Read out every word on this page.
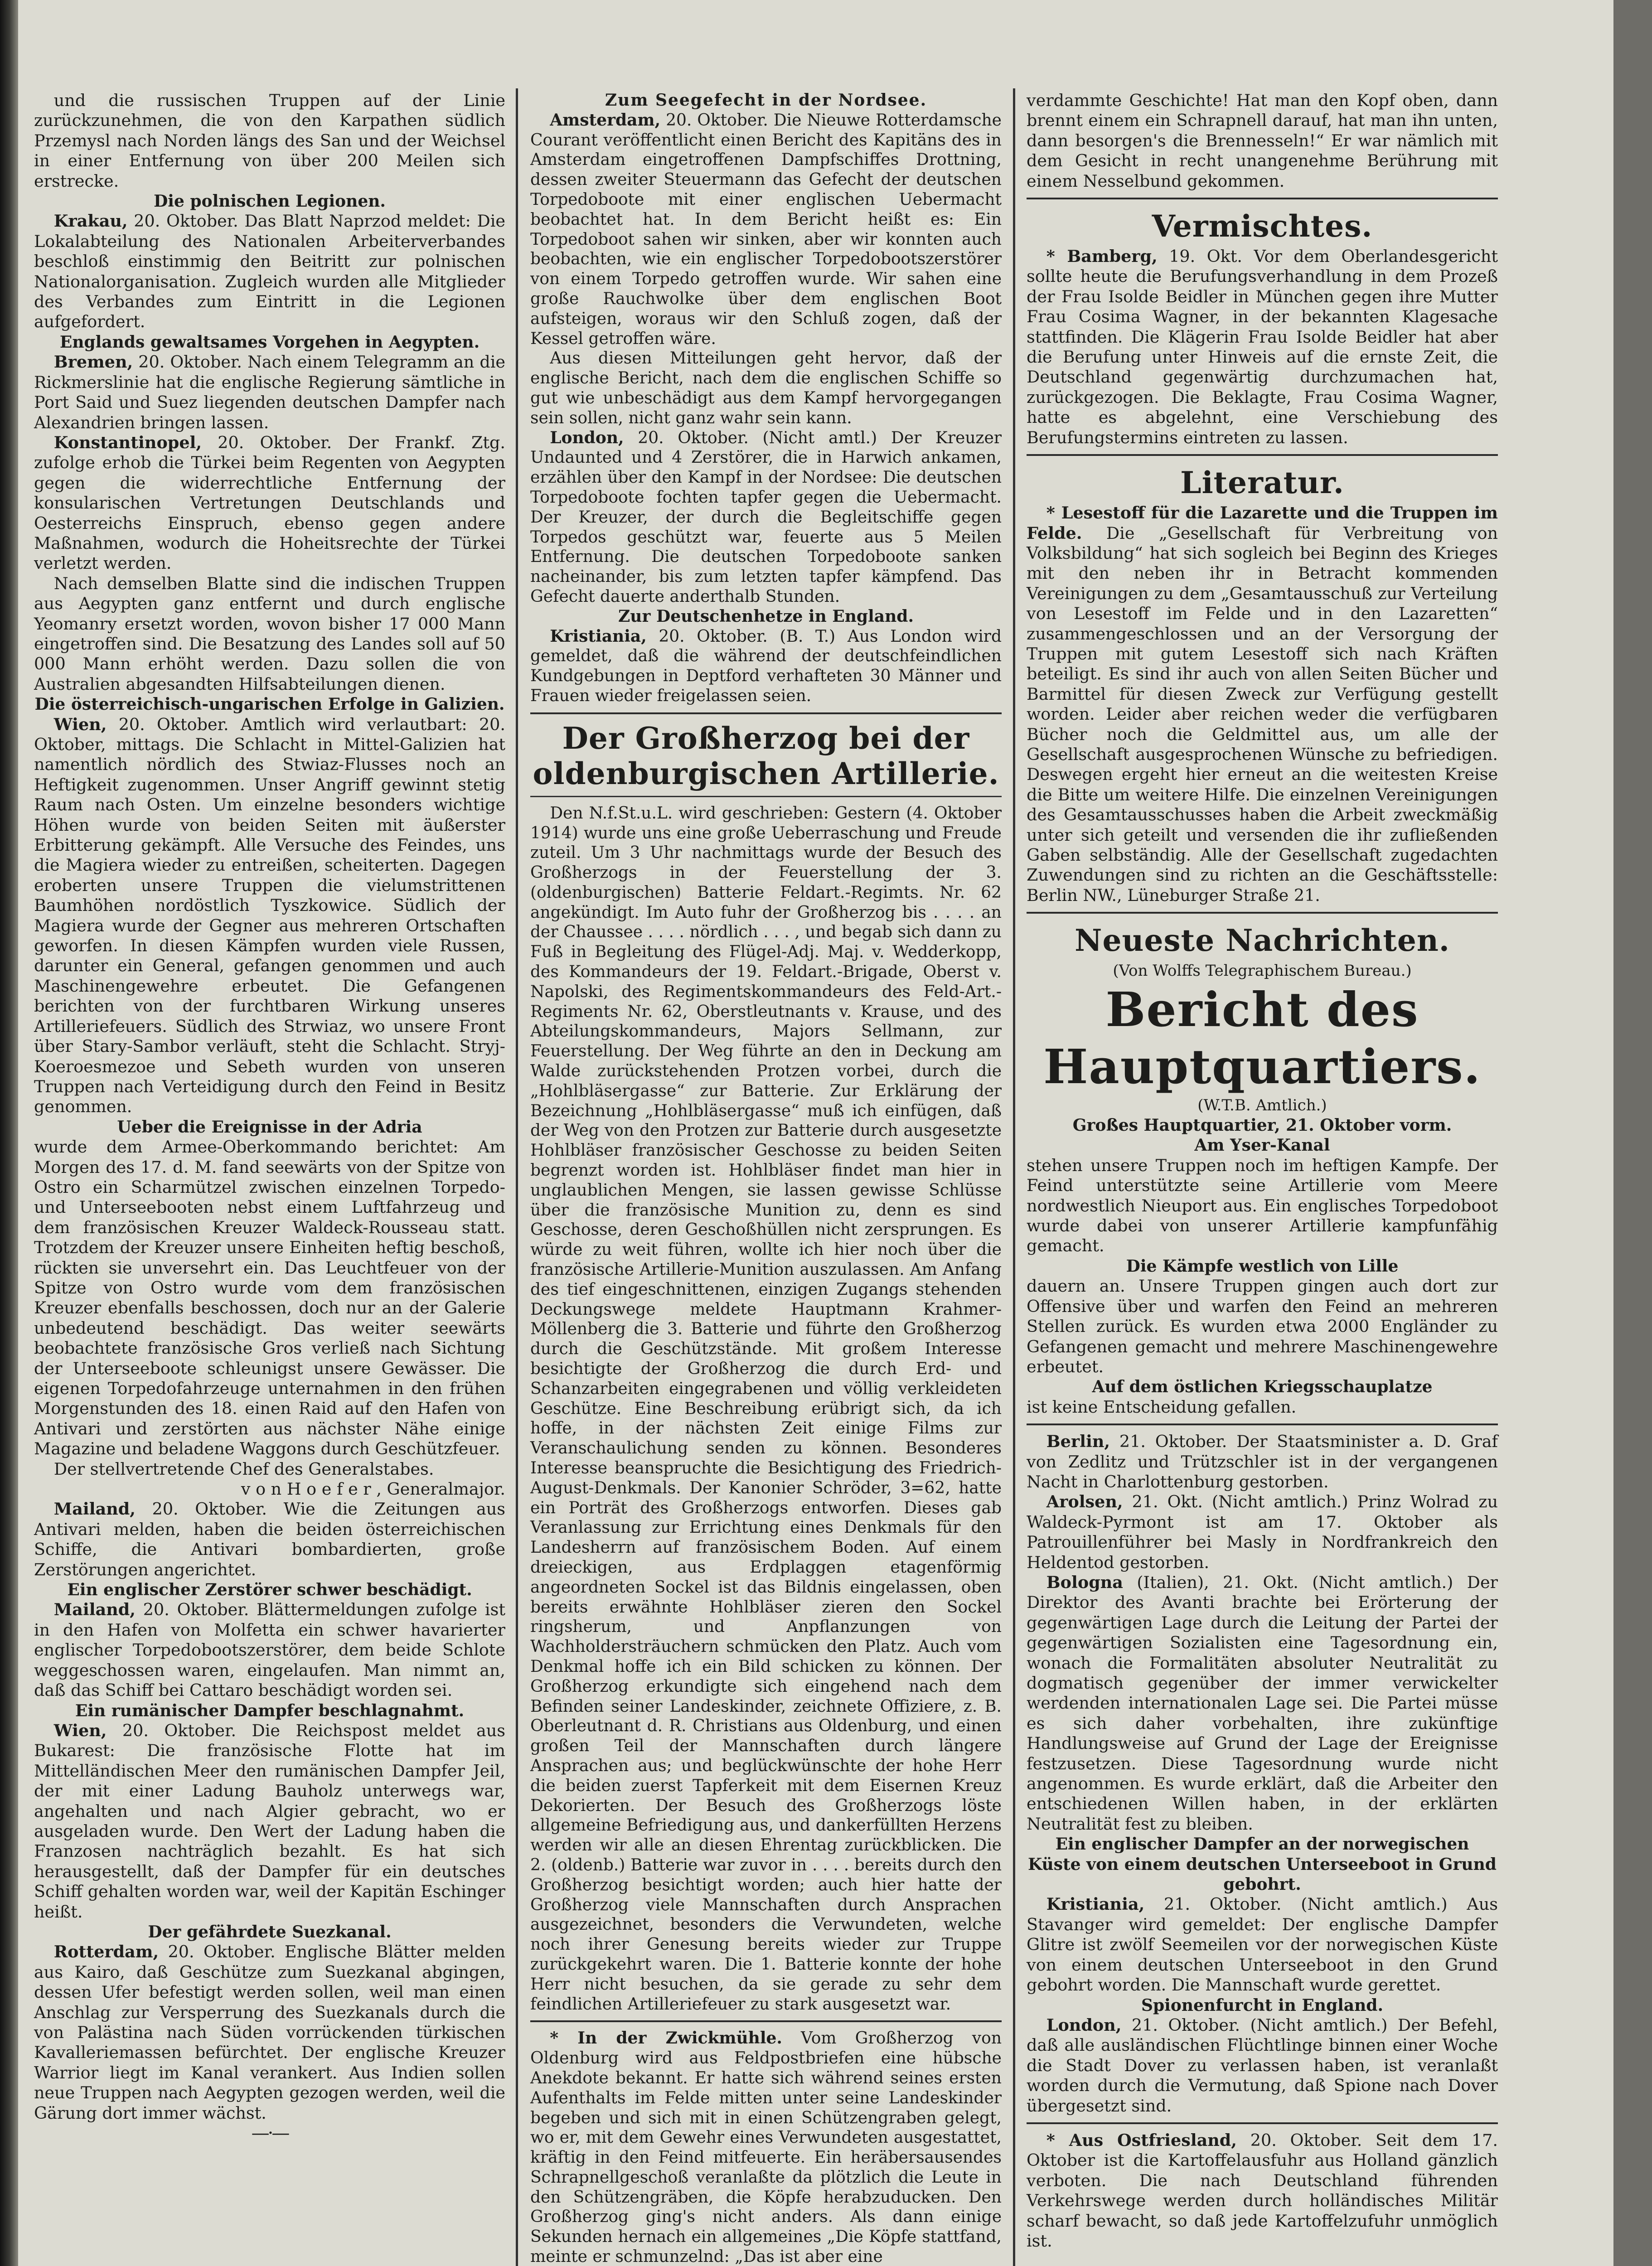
und die russischen Truppen auf der Linie zurückzunehmen, die von den Karpathen südlich Przemysl nach Norden längs des San und der Weichsel in einer Entfernung von über 200 Meilen sich erstrecke.

Die polnischen Legionen.

Krakau, 20. Oktober. Das Blatt Naprzod meldet: Die Lokalabteilung des Nationalen Arbeiterverbandes beschloß einstimmig den Beitritt zur polnischen Nationalorganisation. Zugleich wurden alle Mitglieder des Verbandes zum Eintritt in die Legionen aufgefordert.

Englands gewaltsames Vorgehen in Aegypten.

Bremen, 20. Oktober. Nach einem Telegramm an die Rickmerslinie hat die englische Regierung sämtliche in Port Said und Suez liegenden deutschen Dampfer nach Alexandrien bringen lassen.

Konstantinopel, 20. Oktober. Der Frankf. Ztg. zufolge erhob die Türkei beim Regenten von Aegypten gegen die widerrechtliche Entfernung der konsularischen Vertretungen Deutschlands und Oesterreichs Einspruch, ebenso gegen andere Maßnahmen, wodurch die Hoheitsrechte der Türkei verletzt werden.

Nach demselben Blatte sind die indischen Truppen aus Aegypten ganz entfernt und durch englische Yeomanry ersetzt worden, wovon bisher 17 000 Mann eingetroffen sind. Die Besatzung des Landes soll auf 50 000 Mann erhöht werden. Dazu sollen die von Australien abgesandten Hilfsabteilungen dienen.

Die österreichisch-ungarischen Erfolge in Galizien.

Wien, 20. Oktober. Amtlich wird verlautbart: 20. Oktober, mittags. Die Schlacht in Mittel-Galizien hat namentlich nördlich des Stwiaz-Flusses noch an Heftigkeit zugenommen. Unser Angriff gewinnt stetig Raum nach Osten. Um einzelne besonders wichtige Höhen wurde von beiden Seiten mit äußerster Erbitterung gekämpft. Alle Versuche des Feindes, uns die Magiera wieder zu entreißen, scheiterten. Dagegen eroberten unsere Truppen die vielumstrittenen Baumhöhen nordöstlich Tyszkowice. Südlich der Magiera wurde der Gegner aus mehreren Ortschaften geworfen. In diesen Kämpfen wurden viele Russen, darunter ein General, gefangen genommen und auch Maschinengewehre erbeutet. Die Gefangenen berichten von der furchtbaren Wirkung unseres Artilleriefeuers. Südlich des Strwiaz, wo unsere Front über Stary-Sambor verläuft, steht die Schlacht. Stryj-Koeroesmezoe und Sebeth wurden von unseren Truppen nach Verteidigung durch den Feind in Besitz genommen.

Ueber die Ereignisse in der Adria

wurde dem Armee-Oberkommando berichtet: Am Morgen des 17. d. M. fand seewärts von der Spitze von Ostro ein Scharmützel zwischen einzelnen Torpedo- und Unterseebooten nebst einem Luftfahrzeug und dem französischen Kreuzer Waldeck-Rousseau statt. Trotzdem der Kreuzer unsere Einheiten heftig beschoß, rückten sie unversehrt ein. Das Leuchtfeuer von der Spitze von Ostro wurde vom dem französischen Kreuzer ebenfalls beschossen, doch nur an der Galerie unbedeutend beschädigt. Das weiter seewärts beobachtete französische Gros verließ nach Sichtung der Unterseeboote schleunigst unsere Gewässer. Die eigenen Torpedofahrzeuge unternahmen in den frühen Morgenstunden des 18. einen Raid auf den Hafen von Antivari und zerstörten aus nächster Nähe einige Magazine und beladene Waggons durch Geschützfeuer.

Der stellvertretende Chef des Generalstabes.

v o n H o e f e r , Generalmajor.

Mailand, 20. Oktober. Wie die Zeitungen aus Antivari melden, haben die beiden österreichischen Schiffe, die Antivari bombardierten, große Zerstörungen angerichtet.

Ein englischer Zerstörer schwer beschädigt.

Mailand, 20. Oktober. Blättermeldungen zufolge ist in den Hafen von Molfetta ein schwer havarierter englischer Torpedobootszerstörer, dem beide Schlote weggeschossen waren, eingelaufen. Man nimmt an, daß das Schiff bei Cattaro beschädigt worden sei.

Ein rumänischer Dampfer beschlagnahmt.

Wien, 20. Oktober. Die Reichspost meldet aus Bukarest: Die französische Flotte hat im Mittelländischen Meer den rumänischen Dampfer Jeil, der mit einer Ladung Bauholz unterwegs war, angehalten und nach Algier gebracht, wo er ausgeladen wurde. Den Wert der Ladung haben die Franzosen nachträglich bezahlt. Es hat sich herausgestellt, daß der Dampfer für ein deutsches Schiff gehalten worden war, weil der Kapitän Eschinger heißt.

Der gefährdete Suezkanal.

Rotterdam, 20. Oktober. Englische Blätter melden aus Kairo, daß Geschütze zum Suezkanal abgingen, dessen Ufer befestigt werden sollen, weil man einen Anschlag zur Versperrung des Suezkanals durch die von Palästina nach Süden vorrückenden türkischen Kavalleriemassen befürchtet. Der englische Kreuzer Warrior liegt im Kanal verankert. Aus Indien sollen neue Truppen nach Aegypten gezogen werden, weil die Gärung dort immer wächst.

—·—

Zum Seegefecht in der Nordsee.

Amsterdam, 20. Oktober. Die Nieuwe Rotterdamsche Courant veröffentlicht einen Bericht des Kapitäns des in Amsterdam eingetroffenen Dampfschiffes Drottning, dessen zweiter Steuermann das Gefecht der deutschen Torpedoboote mit einer englischen Uebermacht beobachtet hat. In dem Bericht heißt es: Ein Torpedoboot sahen wir sinken, aber wir konnten auch beobachten, wie ein englischer Torpedobootszerstörer von einem Torpedo getroffen wurde. Wir sahen eine große Rauchwolke über dem englischen Boot aufsteigen, woraus wir den Schluß zogen, daß der Kessel getroffen wäre.

Aus diesen Mitteilungen geht hervor, daß der englische Bericht, nach dem die englischen Schiffe so gut wie unbeschädigt aus dem Kampf hervorgegangen sein sollen, nicht ganz wahr sein kann.

London, 20. Oktober. (Nicht amtl.) Der Kreuzer Undaunted und 4 Zerstörer, die in Harwich ankamen, erzählen über den Kampf in der Nordsee: Die deutschen Torpedoboote fochten tapfer gegen die Uebermacht. Der Kreuzer, der durch die Begleitschiffe gegen Torpedos geschützt war, feuerte aus 5 Meilen Entfernung. Die deutschen Torpedoboote sanken nacheinander, bis zum letzten tapfer kämpfend. Das Gefecht dauerte anderthalb Stunden.

Zur Deutschenhetze in England.

Kristiania, 20. Oktober. (B. T.) Aus London wird gemeldet, daß die während der deutschfeindlichen Kundgebungen in Deptford verhafteten 30 Männer und Frauen wieder freigelassen seien.

Der Großherzog bei der oldenburgischen Artillerie.

Den N.f.St.u.L. wird geschrieben: Gestern (4. Oktober 1914) wurde uns eine große Ueberraschung und Freude zuteil. Um 3 Uhr nachmittags wurde der Besuch des Großherzogs in der Feuerstellung der 3. (oldenburgischen) Batterie Feldart.-Regimts. Nr. 62 angekündigt. Im Auto fuhr der Großherzog bis . . . . an der Chaussee . . . . nördlich . . . , und begab sich dann zu Fuß in Begleitung des Flügel-Adj. Maj. v. Wedderkopp, des Kommandeurs der 19. Feldart.-Brigade, Oberst v. Napolski, des Regimentskommandeurs des Feld-Art.-Regiments Nr. 62, Oberstleutnants v. Krause, und des Abteilungskommandeurs, Majors Sellmann, zur Feuerstellung. Der Weg führte an den in Deckung am Walde zurückstehenden Protzen vorbei, durch die „Hohlbläsergasse“ zur Batterie. Zur Erklärung der Bezeichnung „Hohlbläsergasse“ muß ich einfügen, daß der Weg von den Protzen zur Batterie durch ausgesetzte Hohlbläser französischer Geschosse zu beiden Seiten begrenzt worden ist. Hohlbläser findet man hier in unglaublichen Mengen, sie lassen gewisse Schlüsse über die französische Munition zu, denn es sind Geschosse, deren Geschoßhüllen nicht zersprungen. Es würde zu weit führen, wollte ich hier noch über die französische Artillerie-Munition auszulassen. Am Anfang des tief eingeschnittenen, einzigen Zugangs stehenden Deckungswege meldete Hauptmann Krahmer-Möllenberg die 3. Batterie und führte den Großherzog durch die Geschützstände. Mit großem Interesse besichtigte der Großherzog die durch Erd- und Schanzarbeiten eingegrabenen und völlig verkleideten Geschütze. Eine Beschreibung erübrigt sich, da ich hoffe, in der nächsten Zeit einige Films zur Veranschaulichung senden zu können. Besonderes Interesse beanspruchte die Besichtigung des Friedrich-August-Denkmals. Der Kanonier Schröder, 3=62, hatte ein Porträt des Großherzogs entworfen. Dieses gab Veranlassung zur Errichtung eines Denkmals für den Landesherrn auf französischem Boden. Auf einem dreieckigen, aus Erdplaggen etagenförmig angeordneten Sockel ist das Bildnis eingelassen, oben bereits erwähnte Hohlbläser zieren den Sockel ringsherum, und Anpflanzungen von Wachholdersträuchern schmücken den Platz. Auch vom Denkmal hoffe ich ein Bild schicken zu können. Der Großherzog erkundigte sich eingehend nach dem Befinden seiner Landeskinder, zeichnete Offiziere, z. B. Oberleutnant d. R. Christians aus Oldenburg, und einen großen Teil der Mannschaften durch längere Ansprachen aus; und beglückwünschte der hohe Herr die beiden zuerst Tapferkeit mit dem Eisernen Kreuz Dekorierten. Der Besuch des Großherzogs löste allgemeine Befriedigung aus, und dankerfüllten Herzens werden wir alle an diesen Ehrentag zurückblicken. Die 2. (oldenb.) Batterie war zuvor in . . . . bereits durch den Großherzog besichtigt worden; auch hier hatte der Großherzog viele Mannschaften durch Ansprachen ausgezeichnet, besonders die Verwundeten, welche noch ihrer Genesung bereits wieder zur Truppe zurückgekehrt waren. Die 1. Batterie konnte der hohe Herr nicht besuchen, da sie gerade zu sehr dem feindlichen Artilleriefeuer zu stark ausgesetzt war.

* In der Zwickmühle. Vom Großherzog von Oldenburg wird aus Feldpostbriefen eine hübsche Anekdote bekannt. Er hatte sich während seines ersten Aufenthalts im Felde mitten unter seine Landeskinder begeben und sich mit in einen Schützengraben gelegt, wo er, mit dem Gewehr eines Verwundeten ausgestattet, kräftig in den Feind mitfeuerte. Ein heräbersausendes Schrapnellgeschoß veranlaßte da plötzlich die Leute in den Schützengräben, die Köpfe herabzuducken. Den Großherzog ging's nicht anders. Als dann einige Sekunden hernach ein allgemeines „Die Köpfe stattfand, meinte er schmunzelnd: „Das ist aber eine

verdammte Geschichte! Hat man den Kopf oben, dann brennt einem ein Schrapnell darauf, hat man ihn unten, dann besorgen's die Brennesseln!“ Er war nämlich mit dem Gesicht in recht unangenehme Berührung mit einem Nesselbund gekommen.

Vermischtes.

* Bamberg, 19. Okt. Vor dem Oberlandesgericht sollte heute die Berufungsverhandlung in dem Prozeß der Frau Isolde Beidler in München gegen ihre Mutter Frau Cosima Wagner, in der bekannten Klagesache stattfinden. Die Klägerin Frau Isolde Beidler hat aber die Berufung unter Hinweis auf die ernste Zeit, die Deutschland gegenwärtig durchzumachen hat, zurückgezogen. Die Beklagte, Frau Cosima Wagner, hatte es abgelehnt, eine Verschiebung des Berufungstermins eintreten zu lassen.

Literatur.

* Lesestoff für die Lazarette und die Truppen im Felde. Die „Gesellschaft für Verbreitung von Volksbildung“ hat sich sogleich bei Beginn des Krieges mit den neben ihr in Betracht kommenden Vereinigungen zu dem „Gesamtausschuß zur Verteilung von Lesestoff im Felde und in den Lazaretten“ zusammengeschlossen und an der Versorgung der Truppen mit gutem Lesestoff sich nach Kräften beteiligt. Es sind ihr auch von allen Seiten Bücher und Barmittel für diesen Zweck zur Verfügung gestellt worden. Leider aber reichen weder die verfügbaren Bücher noch die Geldmittel aus, um alle der Gesellschaft ausgesprochenen Wünsche zu befriedigen. Deswegen ergeht hier erneut an die weitesten Kreise die Bitte um weitere Hilfe. Die einzelnen Vereinigungen des Gesamtausschusses haben die Arbeit zweckmäßig unter sich geteilt und versenden die ihr zufließenden Gaben selbständig. Alle der Gesellschaft zugedachten Zuwendungen sind zu richten an die Geschäftsstelle: Berlin NW., Lüneburger Straße 21.

Neueste Nachrichten.

(Von Wolffs Telegraphischem Bureau.)

Bericht des Hauptquartiers.

(W.T.B. Amtlich.)

Großes Hauptquartier, 21. Oktober vorm.

Am Yser-Kanal

stehen unsere Truppen noch im heftigen Kampfe. Der Feind unterstützte seine Artillerie vom Meere nordwestlich Nieuport aus. Ein englisches Torpedoboot wurde dabei von unserer Artillerie kampfunfähig gemacht.

Die Kämpfe westlich von Lille

dauern an. Unsere Truppen gingen auch dort zur Offensive über und warfen den Feind an mehreren Stellen zurück. Es wurden etwa 2000 Engländer zu Gefangenen gemacht und mehrere Maschinengewehre erbeutet.

Auf dem östlichen Kriegsschauplatze

ist keine Entscheidung gefallen.

Berlin, 21. Oktober. Der Staatsminister a. D. Graf von Zedlitz und Trützschler ist in der vergangenen Nacht in Charlottenburg gestorben.

Arolsen, 21. Okt. (Nicht amtlich.) Prinz Wolrad zu Waldeck-Pyrmont ist am 17. Oktober als Patrouillenführer bei Masly in Nordfrankreich den Heldentod gestorben.

Bologna (Italien), 21. Okt. (Nicht amtlich.) Der Direktor des Avanti brachte bei Erörterung der gegenwärtigen Lage durch die Leitung der Partei der gegenwärtigen Sozialisten eine Tagesordnung ein, wonach die Formalitäten absoluter Neutralität zu dogmatisch gegenüber der immer verwickelter werdenden internationalen Lage sei. Die Partei müsse es sich daher vorbehalten, ihre zukünftige Handlungsweise auf Grund der Lage der Ereignisse festzusetzen. Diese Tagesordnung wurde nicht angenommen. Es wurde erklärt, daß die Arbeiter den entschiedenen Willen haben, in der erklärten Neutralität fest zu bleiben.

Ein englischer Dampfer an der norwegischen Küste von einem deutschen Unterseeboot in Grund gebohrt.

Kristiania, 21. Oktober. (Nicht amtlich.) Aus Stavanger wird gemeldet: Der englische Dampfer Glitre ist zwölf Seemeilen vor der norwegischen Küste von einem deutschen Unterseeboot in den Grund gebohrt worden. Die Mannschaft wurde gerettet.

Spionenfurcht in England.

London, 21. Oktober. (Nicht amtlich.) Der Befehl, daß alle ausländischen Flüchtlinge binnen einer Woche die Stadt Dover zu verlassen haben, ist veranlaßt worden durch die Vermutung, daß Spione nach Dover übergesetzt sind.

* Aus Ostfriesland, 20. Oktober. Seit dem 17. Oktober ist die Kartoffelausfuhr aus Holland gänzlich verboten. Die nach Deutschland führenden Verkehrswege werden durch holländisches Militär scharf bewacht, so daß jede Kartoffelzufuhr unmöglich ist.
